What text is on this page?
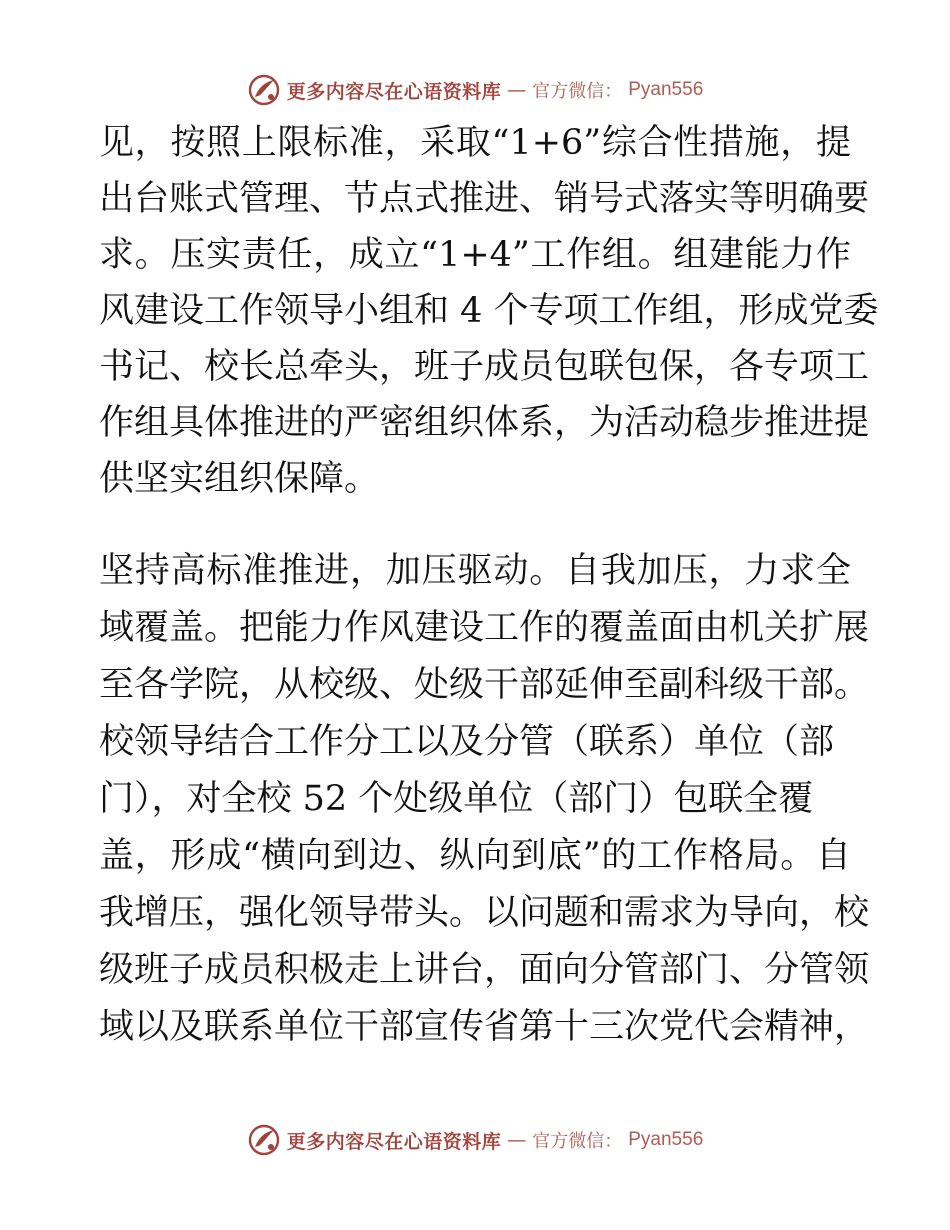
更多内容尽在心语资料库 — 官方微信： Pyan556
见，按照上限标准，采取“1+6”综合性措施，提
出台账式管理、节点式推进、销号式落实等明确要
求。压实责任，成立“1+4”工作组。组建能力作
风建设工作领导小组和 4 个专项工作组，形成党委
书记、校长总牵头，班子成员包联包保，各专项工
作组具体推进的严密组织体系，为活动稳步推进提
供坚实组织保障。
坚持高标准推进，加压驱动。自我加压，力求全
域覆盖。把能力作风建设工作的覆盖面由机关扩展
至各学院，从校级、处级干部延伸至副科级干部。
校领导结合工作分工以及分管（联系）单位（部
门），对全校 52 个处级单位（部门）包联全覆
盖，形成“横向到边、纵向到底”的工作格局。自
我增压，强化领导带头。以问题和需求为导向，校
级班子成员积极走上讲台，面向分管部门、分管领
域以及联系单位干部宣传省第十三次党代会精神，
更多内容尽在心语资料库 — 官方微信： Pyan556
